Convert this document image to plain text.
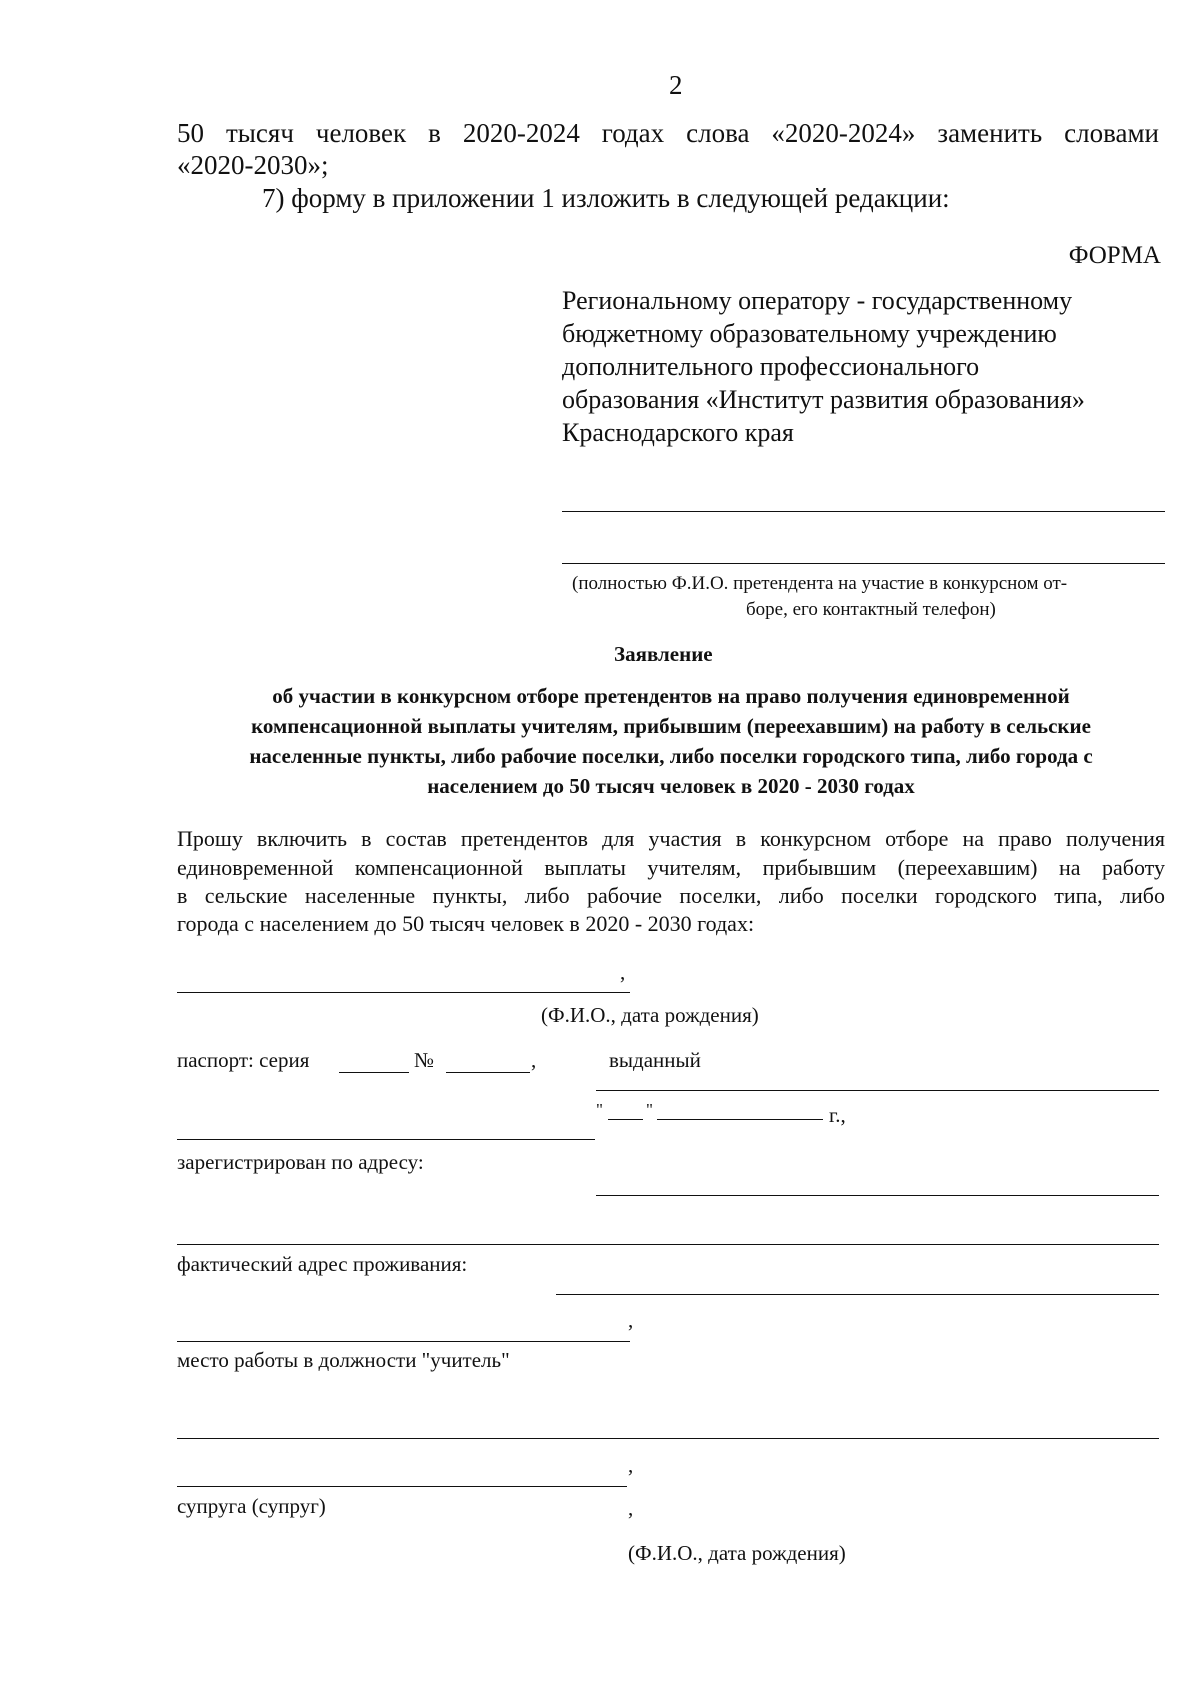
2
50 тысяч человек в 2020-2024 годах слова «2020-2024» заменить словами
«2020-2030»;
7) форму в приложении 1 изложить в следующей редакции:
ФОРМА
Региональному оператору - государственному
бюджетному образовательному учреждению
дополнительного профессионального
образования «Институт развития образования»
Краснодарского края
(полностью Ф.И.О. претендента на участие в конкурсном от-
боре, его контактный телефон)
Заявление
об участии в конкурсном отборе претендентов на право получения единовременной
компенсационной выплаты учителям, прибывшим (переехавшим) на работу в сельские
населенные пункты, либо рабочие поселки, либо поселки городского типа, либо города с
населением до 50 тысяч человек в 2020 - 2030 годах
Прошу включить в состав претендентов для участия в конкурсном отборе на право получения
единовременной компенсационной выплаты учителям, прибывшим (переехавшим) на работу
в сельские населенные пункты, либо рабочие поселки, либо поселки городского типа, либо
города с населением до 50 тысяч человек в 2020 - 2030 годах:
,
(Ф.И.О., дата рождения)
паспорт: серия	№	,	выданный
"	"	г.,
зарегистрирован по адресу:
фактический адрес проживания:
,
место работы в должности "учитель"
,
супруга (супруг)	,
(Ф.И.О., дата рождения)
